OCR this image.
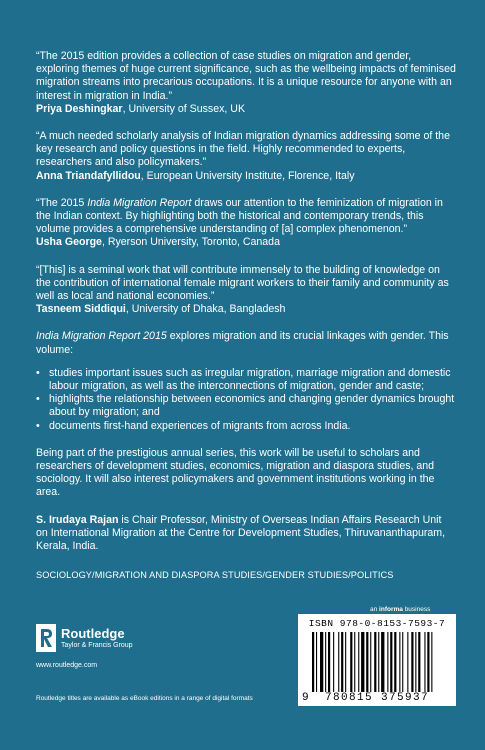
“The 2015 edition provides a collection of case studies on migration and gender, exploring themes of huge current significance, such as the wellbeing impacts of feminised migration streams into precarious occupations. It is a unique resource for anyone with an interest in migration in India.”

Priya Deshingkar, University of Sussex, UK

“A much needed scholarly analysis of Indian migration dynamics addressing some of the key research and policy questions in the field. Highly recommended to experts, researchers and also policymakers.”

Anna Triandafyllidou, European University Institute, Florence, Italy

“The 2015 India Migration Report draws our attention to the feminization of migration in the Indian context. By highlighting both the historical and contemporary trends, this volume provides a comprehensive understanding of [a] complex phenomenon.”

Usha George, Ryerson University, Toronto, Canada

“[This] is a seminal work that will contribute immensely to the building of knowledge on the contribution of international female migrant workers to their family and community as well as local and national economies.”

Tasneem Siddiqui, University of Dhaka, Bangladesh

India Migration Report 2015 explores migration and its crucial linkages with gender. This volume:

• studies important issues such as irregular migration, marriage migration and domestic labour migration, as well as the interconnections of migration, gender and caste;
• highlights the relationship between economics and changing gender dynamics brought about by migration; and
• documents first-hand experiences of migrants from across India.
Being part of the prestigious annual series, this work will be useful to scholars and researchers of development studies, economics, migration and diaspora studies, and sociology. It will also interest policymakers and government institutions working in the area.
S. Irudaya Rajan is Chair Professor, Ministry of Overseas Indian Affairs Research Unit on International Migration at the Centre for Development Studies, Thiruvananthapuram, Kerala, India.
SOCIOLOGY/MIGRATION AND DIASPORA STUDIES/GENDER STUDIES/POLITICS
an informa business
Routledge
Taylor & Francis Group
www.routledge.com
Routledge titles are available as eBook editions in a range of digital formats
ISBN 978-0-8153-7593-7
9	780815 375937
